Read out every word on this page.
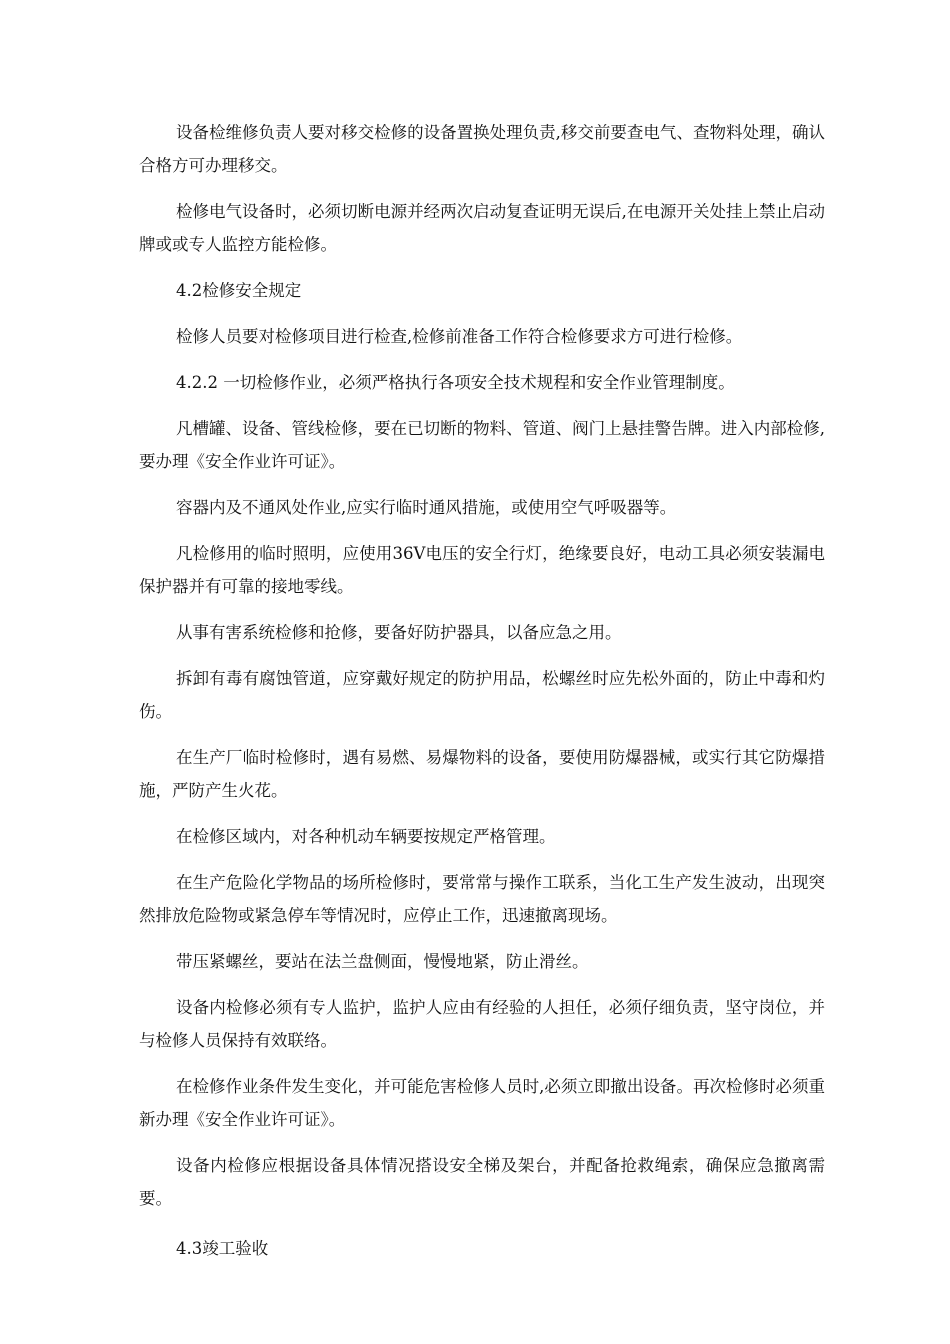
设备检维修负责人要对移交检修的设备置换处理负责,移交前要查电气、查物料处理，确认合格方可办理移交。

检修电气设备时，必须切断电源并经两次启动复查证明无误后,在电源开关处挂上禁止启动牌或或专人监控方能检修。

4.2检修安全规定

检修人员要对检修项目进行检查,检修前准备工作符合检修要求方可进行检修。

4.2.2 一切检修作业，必须严格执行各项安全技术规程和安全作业管理制度。

凡槽罐、设备、管线检修，要在已切断的物料、管道、阀门上悬挂警告牌。进入内部检修,要办理《安全作业许可证》。

容器内及不通风处作业,应实行临时通风措施，或使用空气呼吸器等。

凡检修用的临时照明，应使用36V电压的安全行灯，绝缘要良好，电动工具必须安装漏电保护器并有可靠的接地零线。

从事有害系统检修和抢修，要备好防护器具，以备应急之用。

拆卸有毒有腐蚀管道，应穿戴好规定的防护用品，松螺丝时应先松外面的，防止中毒和灼伤。

在生产厂临时检修时，遇有易燃、易爆物料的设备，要使用防爆器械，或实行其它防爆措施，严防产生火花。

在检修区域内，对各种机动车辆要按规定严格管理。

在生产危险化学物品的场所检修时，要常常与操作工联系，当化工生产发生波动，出现突然排放危险物或紧急停车等情况时，应停止工作，迅速撤离现场。

带压紧螺丝，要站在法兰盘侧面，慢慢地紧，防止滑丝。

设备内检修必须有专人监护，监护人应由有经验的人担任，必须仔细负责，坚守岗位，并与检修人员保持有效联络。

在检修作业条件发生变化，并可能危害检修人员时,必须立即撤出设备。再次检修时必须重新办理《安全作业许可证》。

设备内检修应根据设备具体情况搭设安全梯及架台，并配备抢救绳索，确保应急撤离需要。

4.3竣工验收
